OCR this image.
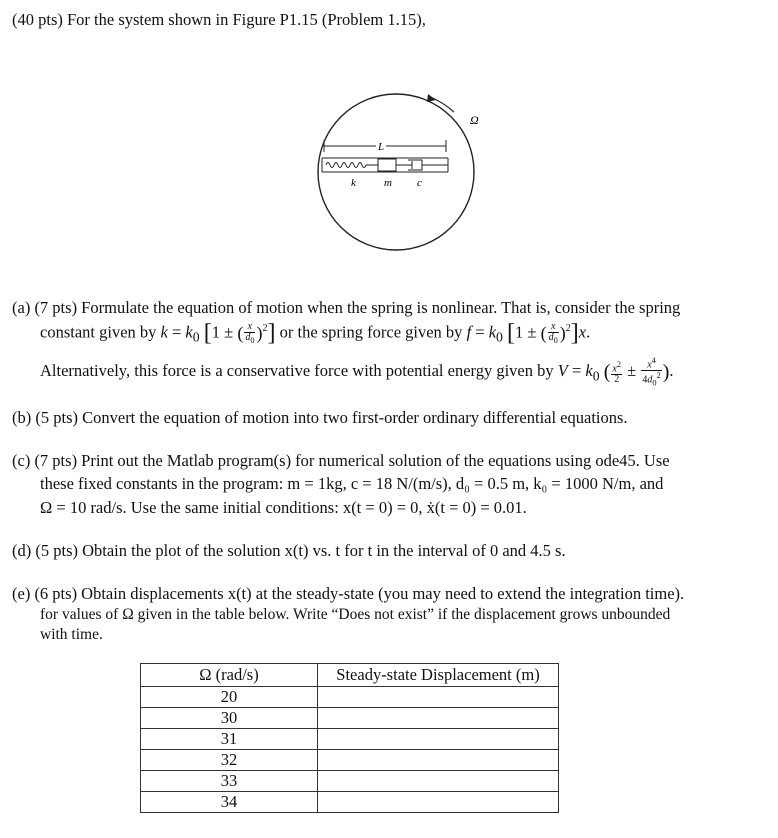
(40 pts) For the system shown in Figure P1.15 (Problem 1.15),
Ω
L
k	m c
(a) (7 pts) Formulate the equation of motion when the spring is nonlinear. That is, consider the spring
constant given by $k = k_0$ [1 ± ( $\frac{x}{d_0} )^2$] or the spring force given by $f = k_0$ [1 ± ( $\frac{x}{d_0} )^2]x$.
Alternatively, this force is a conservative force with potential energy given by $V = k_0$ ( $\frac{x^2}{2} \pm \frac{x^4}{4d_0^2}$ ).
(b) (5 pts) Convert the equation of motion into two first-order ordinary differential equations.
(c) (7 pts) Print out the Matlab program(s) for numerical solution of the equations using ode45. Use
these fixed constants in the program: m = 1kg, c = 18 N/(m/s), d₀ = 0.5 m, k₀ = 1000 N/m, and
Ω = 10 rad/s. Use the same initial conditions: x(t = 0) = 0, ẋ(t = 0) = 0.01.
(d) (5 pts) Obtain the plot of the solution x(t) vs. t for t in the interval of 0 and 4.5 s.
(e) (6 pts) Obtain displacements x(t) at the steady-state (you may need to extend the integration time).
for values of Ω given in the table below. Write “Does not exist” if the displacement grows unbounded
with time.
Ω (rad/s)	Steady-state Displacement (m)
20	
30	
31	
32	
33	
34	
